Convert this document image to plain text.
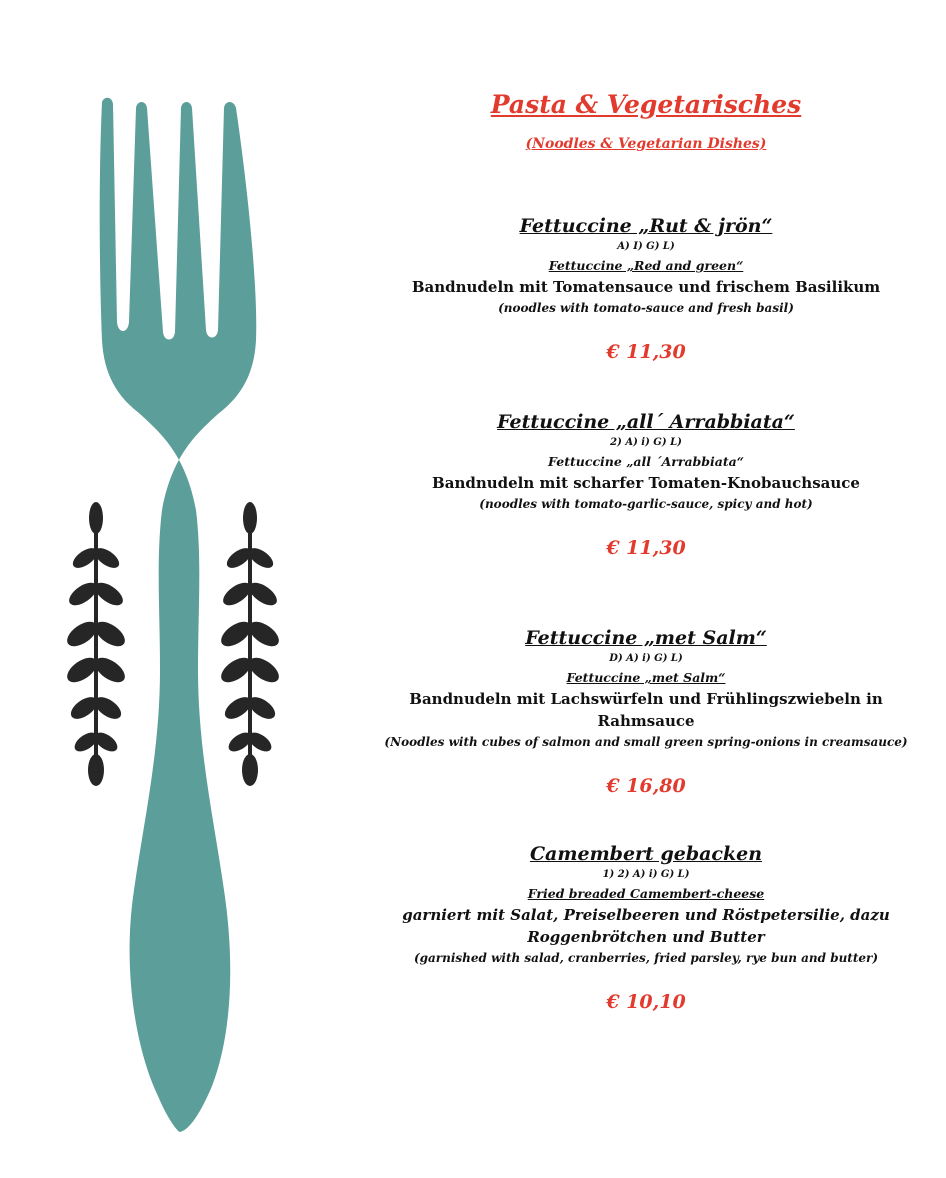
Pasta & Vegetarisches
(Noodles & Vegetarian Dishes)
Fettuccine „Rut & jrön“
A) I) G) L)
Fettuccine „Red and green“
Bandnudeln mit Tomatensauce und frischem Basilikum
(noodles with tomato-sauce and fresh basil)
€ 11,30
Fettuccine „all´ Arrabbiata“
2) A) i) G) L)
Fettuccine „all ´Arrabbiata“
Bandnudeln mit scharfer Tomaten-Knobauchsauce
(noodles with tomato-garlic-sauce, spicy and hot)
€ 11,30
Fettuccine „met Salm“
D) A) i) G) L)
Fettuccine „met Salm“
Bandnudeln mit Lachswürfeln und Frühlingszwiebeln in Rahmsauce
(Noodles with cubes of salmon and small green spring-onions in creamsauce)
€ 16,80
Camembert gebacken
1) 2) A) i) G) L)
Fried breaded Camembert-cheese
garniert mit Salat, Preiselbeeren und Röstpetersilie, dazu
Roggenbrötchen und Butter
(garnished with salad, cranberries, fried parsley, rye bun and butter)
€ 10,10
